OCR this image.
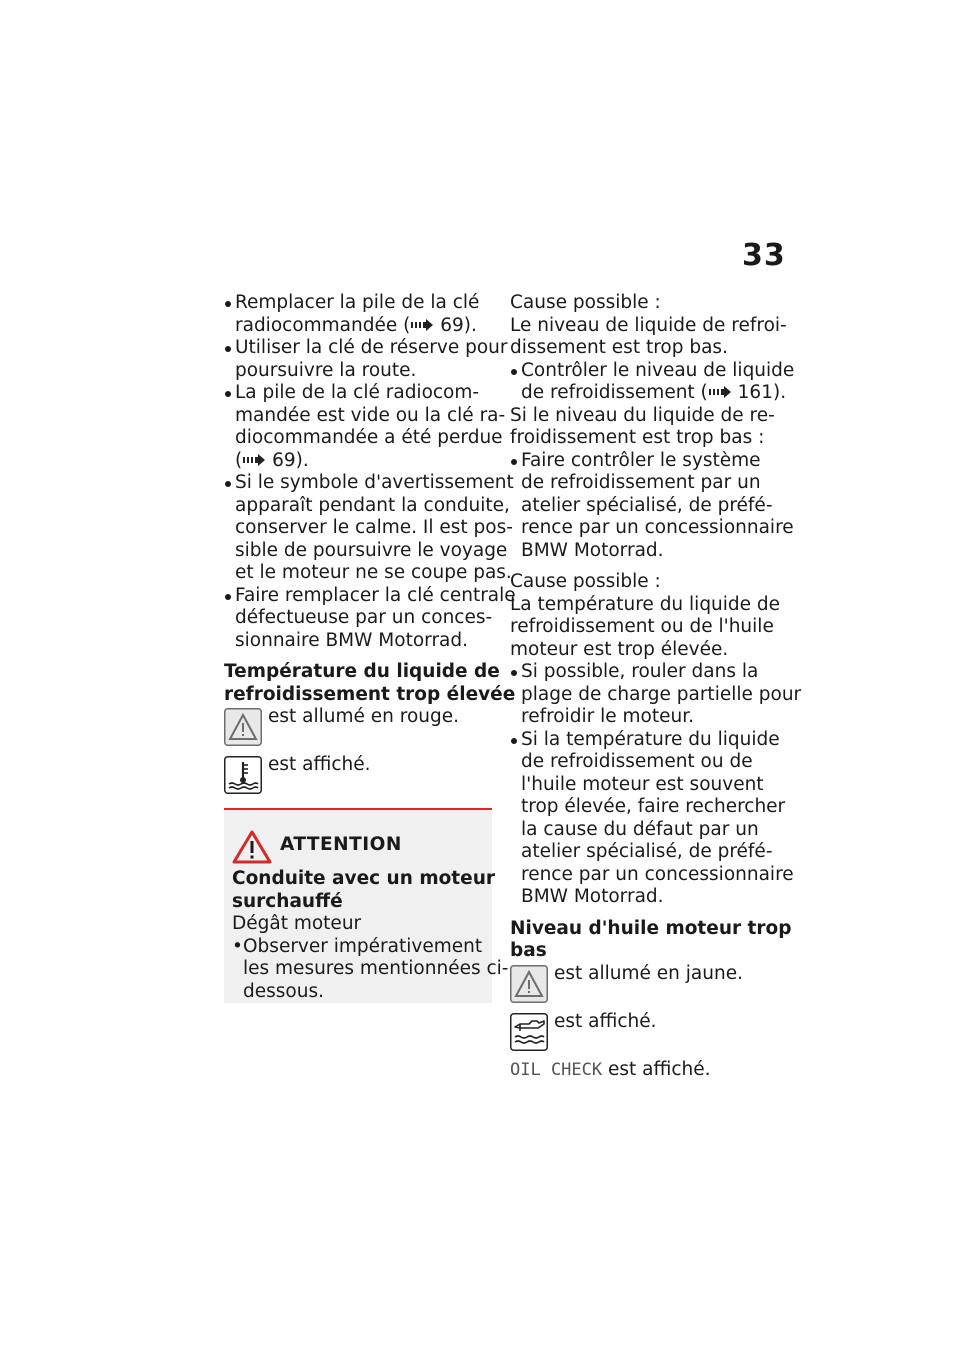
33
Remplacer la pile de la clé
radiocommandée ( 69).
Utiliser la clé de réserve pour
poursuivre la route.
La pile de la clé radiocom-
mandée est vide ou la clé ra-
diocommandée a été perdue
( 69).
Si le symbole d'avertissement
apparaît pendant la conduite,
conserver le calme. Il est pos-
sible de poursuivre le voyage
et le moteur ne se coupe pas.
Faire remplacer la clé centrale
défectueuse par un conces-
sionnaire BMW Motorrad.
Température du liquide de
refroidissement trop élevée
est allumé en rouge.
est affiché.
ATTENTION
Conduite avec un moteur
surchauffé
Dégât moteur
• Observer impérativement
les mesures mentionnées ci-
dessous.
Cause possible :
Le niveau de liquide de refroi-
dissement est trop bas.
Contrôler le niveau de liquide
de refroidissement ( 161).
Si le niveau du liquide de re-
froidissement est trop bas :
Faire contrôler le système
de refroidissement par un
atelier spécialisé, de préfé-
rence par un concessionnaire
BMW Motorrad.
Cause possible :
La température du liquide de
refroidissement ou de l'huile
moteur est trop élevée.
Si possible, rouler dans la
plage de charge partielle pour
refroidir le moteur.
Si la température du liquide
de refroidissement ou de
l'huile moteur est souvent
trop élevée, faire rechercher
la cause du défaut par un
atelier spécialisé, de préfé-
rence par un concessionnaire
BMW Motorrad.
Niveau d'huile moteur trop
bas
est allumé en jaune.
est affiché.
OIL CHECK est affiché.
